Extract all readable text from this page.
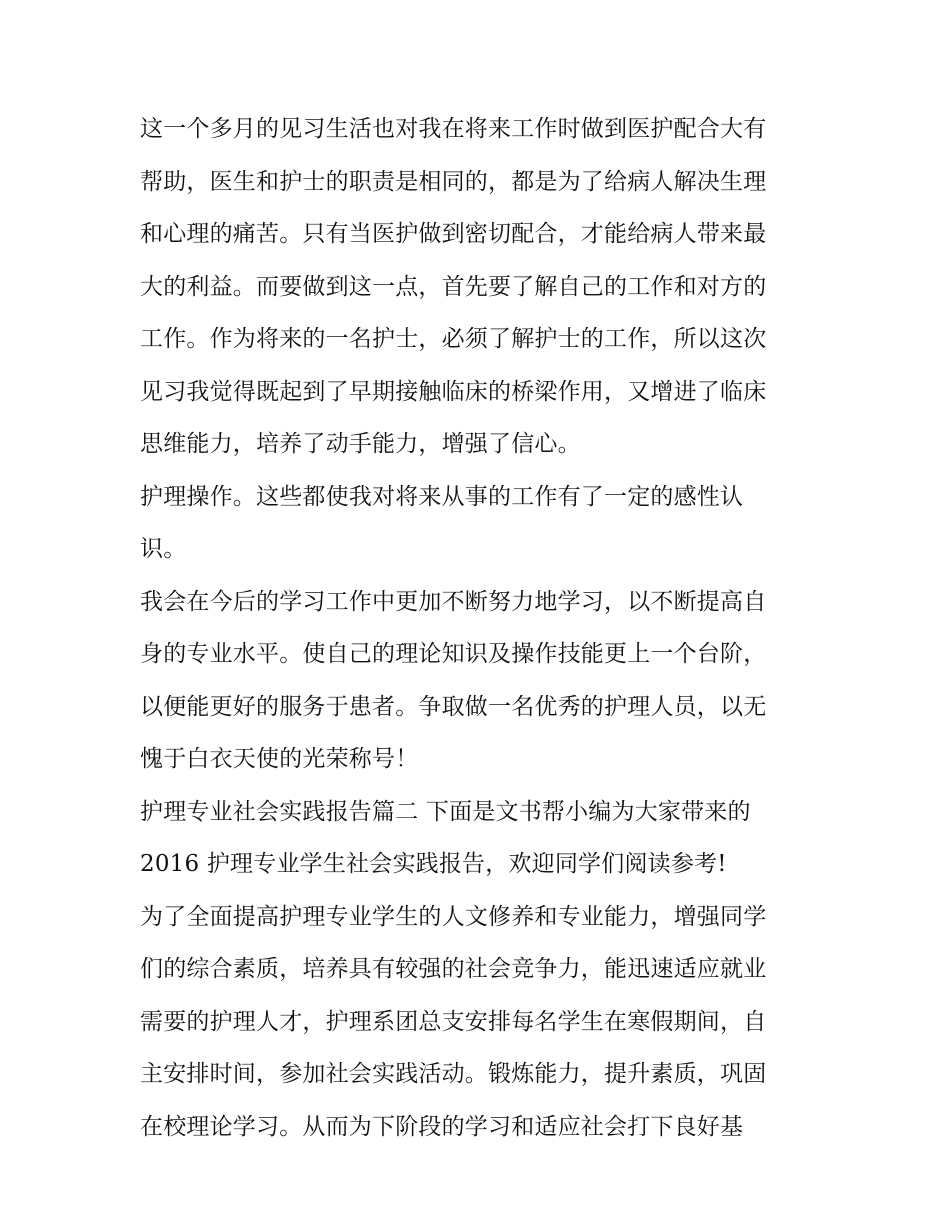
这一个多月的见习生活也对我在将来工作时做到医护配合大有
帮助，医生和护士的职责是相同的，都是为了给病人解决生理
和心理的痛苦。只有当医护做到密切配合，才能给病人带来最
大的利益。而要做到这一点，首先要了解自己的工作和对方的
工作。作为将来的一名护士，必须了解护士的工作，所以这次
见习我觉得既起到了早期接触临床的桥梁作用，又增进了临床
思维能力，培养了动手能力，增强了信心。
护理操作。这些都使我对将来从事的工作有了一定的感性认
识。
我会在今后的学习工作中更加不断努力地学习，以不断提高自
身的专业水平。使自己的理论知识及操作技能更上一个台阶，
以便能更好的服务于患者。争取做一名优秀的护理人员，以无
愧于白衣天使的光荣称号！
护理专业社会实践报告篇二 下面是文书帮小编为大家带来的
2016 护理专业学生社会实践报告，欢迎同学们阅读参考!
为了全面提高护理专业学生的人文修养和专业能力，增强同学
们的综合素质，培养具有较强的社会竞争力，能迅速适应就业
需要的护理人才，护理系团总支安排每名学生在寒假期间，自
主安排时间，参加社会实践活动。锻炼能力，提升素质，巩固
在校理论学习。从而为下阶段的学习和适应社会打下良好基
